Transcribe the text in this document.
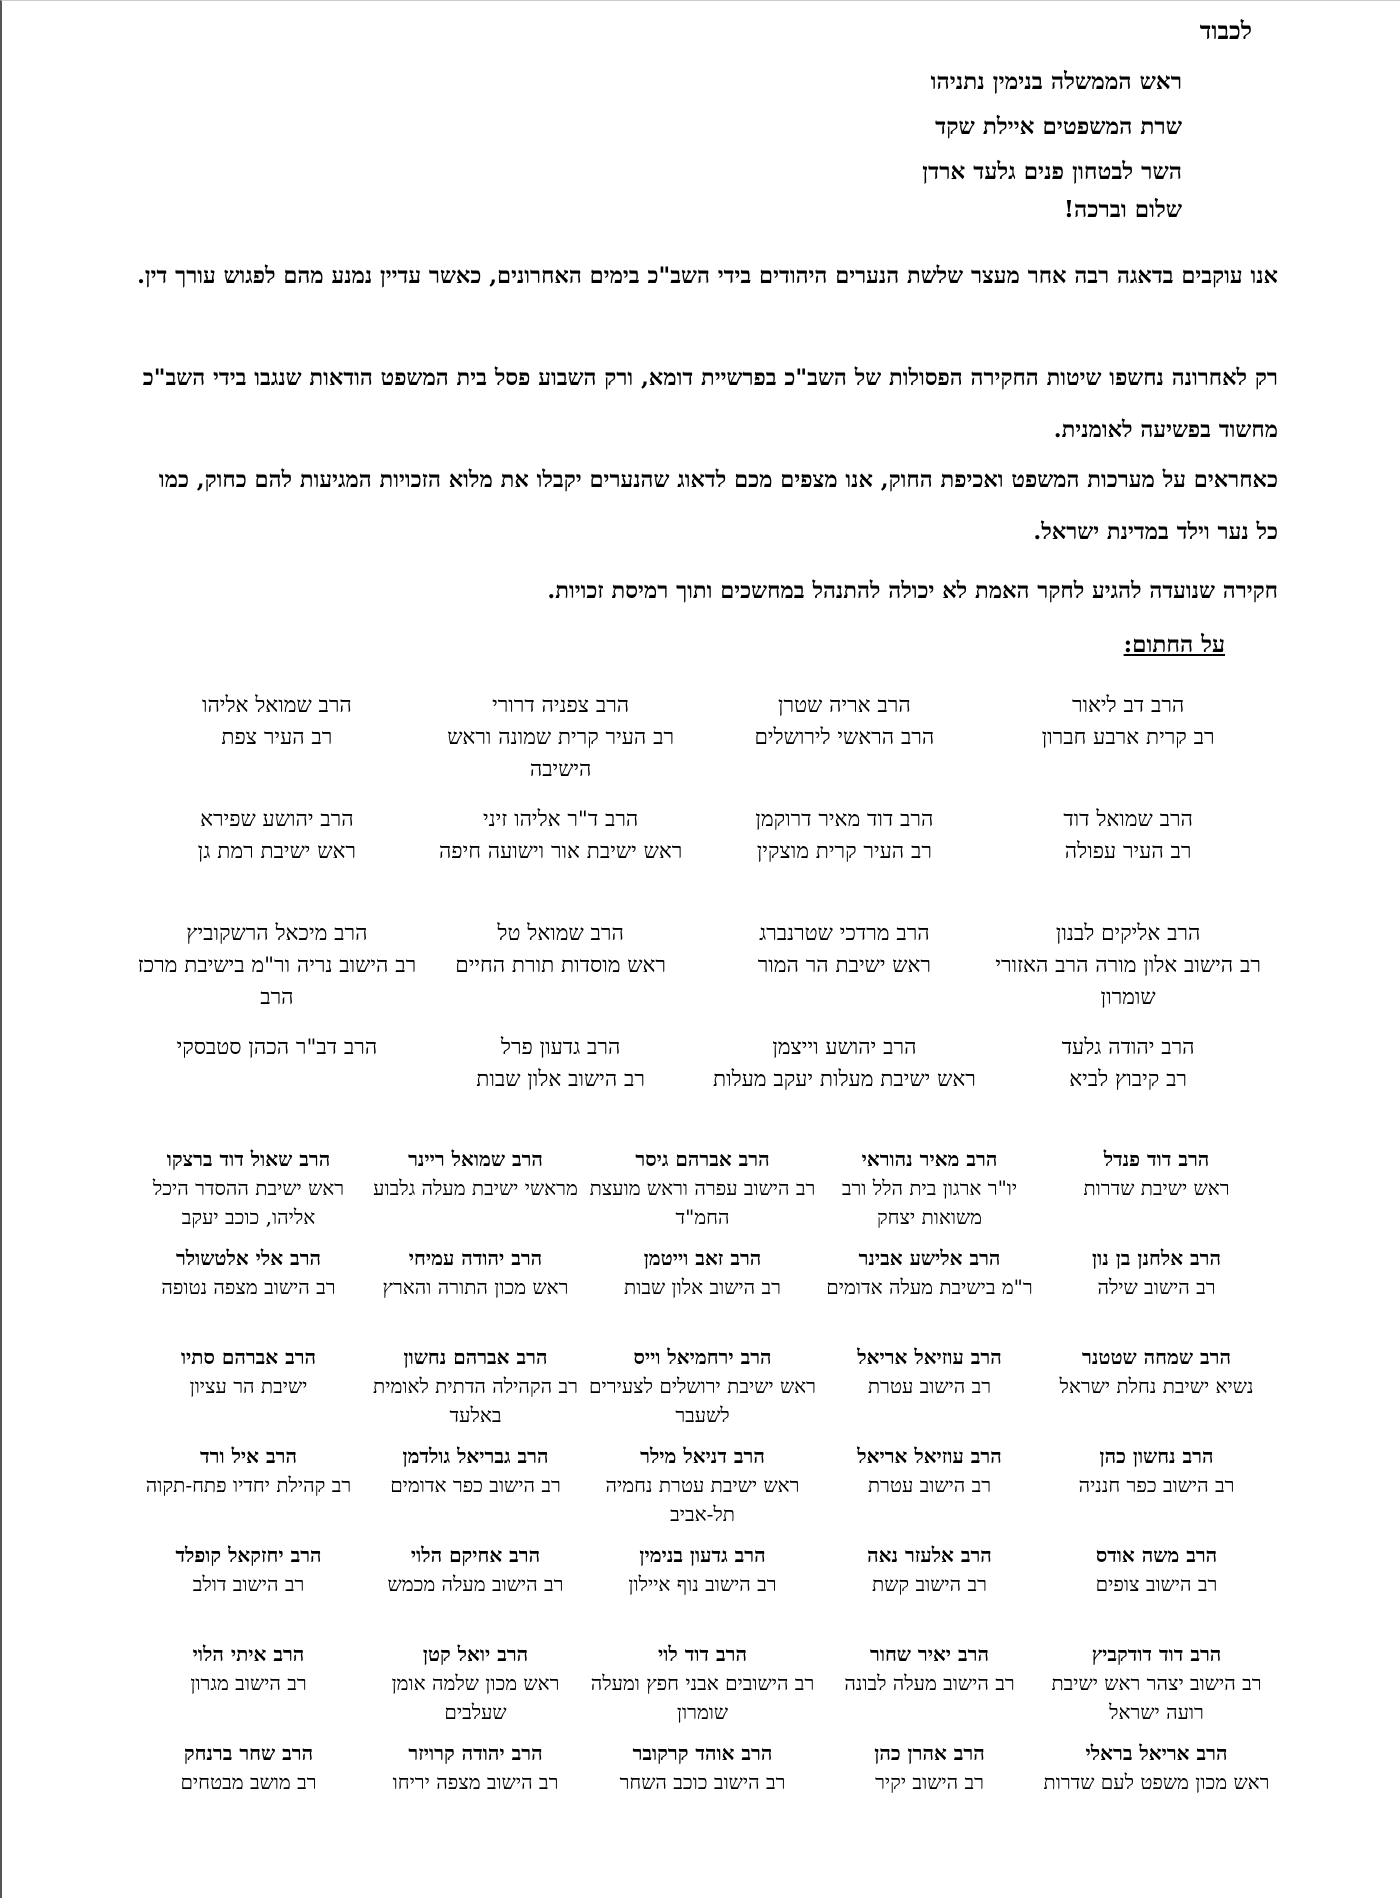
לכבוד
ראש הממשלה בנימין נתניהו
שרת המשפטים איילת שקד
השר לבטחון פנים גלעד ארדן
שלום וברכה!

אנו עוקבים בדאגה רבה אחר מעצר שלשת הנערים היהודים בידי השב"כ בימים האחרונים, כאשר עדיין נמנע מהם לפגוש עורך דין.

רק לאחרונה נחשפו שיטות החקירה הפסולות של השב"כ בפרשיית דומא, ורק השבוע פסל בית המשפט הודאות שנגבו בידי השב"כ מחשוד בפשיעה לאומנית.

כאחראים על מערכות המשפט ואכיפת החוק, אנו מצפים מכם לדאוג שהנערים יקבלו את מלוא הזכויות המגיעות להם כחוק, כמו כל נער וילד במדינת ישראל.

חקירה שנועדה להגיע לחקר האמת לא יכולה להתנהל במחשכים ותוך רמיסת זכויות.

על החתום:
הרב דב ליאור
רב קרית ארבע חברון
הרב אריה שטרן
הרב הראשי לירושלים
הרב צפניה דרורי
רב העיר קרית שמונה וראש הישיבה
הרב שמואל אליהו
רב העיר צפת
הרב שמואל דוד
רב העיר עפולה
הרב דוד מאיר דרוקמן
רב העיר קרית מוצקין
הרב ד"ר אליהו זיני
ראש ישיבת אור וישועה חיפה
הרב יהושע שפירא
ראש ישיבת רמת גן
הרב אליקים לבנון
רב הישוב אלון מורה הרב האזורי שומרון
הרב מרדכי שטרנברג
ראש ישיבת הר המור
הרב שמואל טל
ראש מוסדות תורת החיים
הרב מיכאל הרשקוביץ
רב הישוב נריה ור"מ בישיבת מרכז הרב
הרב יהודה גלעד
רב קיבוץ לביא
הרב יהושע וייצמן
ראש ישיבת מעלות יעקב מעלות
הרב גדעון פרל
רב הישוב אלון שבות
הרב דב"ר הכהן סטבסקי
הרב דוד פנדל
ראש ישיבת שדרות
הרב מאיר נהוראי
יו"ר ארגון בית הלל ורב משואות יצחק
הרב אברהם גיסר
רב הישוב עפרה וראש מועצת החמ"ד
הרב שמואל ריינר
מראשי ישיבת מעלה גלבוע
הרב שאול דוד ברצקו
ראש ישיבת ההסדר היכל אליהו, כוכב יעקב
הרב אלחנן בן נון
רב הישוב שילה
הרב אלישע אבינר
ר"מ בישיבת מעלה אדומים
הרב זאב וייטמן
רב הישוב אלון שבות
הרב יהודה עמיחי
ראש מכון התורה והארץ
הרב אלי אלטשולר
רב הישוב מצפה נטופה
הרב שמחה שטטנר
נשיא ישיבת נחלת ישראל
הרב עוזיאל אריאל
רב הישוב עטרת
הרב ירחמיאל וייס
ראש ישיבת ירושלים לצעירים לשעבר
הרב אברהם נחשון
רב הקהילה הדתית לאומית באלעד
הרב אברהם סתיו
ישיבת הר עציון
הרב נחשון כהן
רב הישוב כפר חנניה
הרב עוזיאל אריאל
רב הישוב עטרת
הרב דניאל מילר
ראש ישיבת עטרת נחמיה תל-אביב
הרב גבריאל גולדמן
רב הישוב כפר אדומים
הרב איל ורד
רב קהילת יחדיו פתח-תקוה
הרב משה אודס
רב הישוב צופים
הרב אלעזר נאה
רב הישוב קשת
הרב גדעון בנימין
רב הישוב נוף איילון
הרב אחיקם הלוי
רב הישוב מעלה מכמש
הרב יחזקאל קופלד
רב הישוב דולב
הרב דוד דודקביץ
רב הישוב יצהר ראש ישיבת רועה ישראל
הרב יאיר שחור
רב הישוב מעלה לבונה
הרב דוד לוי
רב הישובים אבני חפץ ומעלה שומרון
הרב יואל קטן
ראש מכון שלמה אומן שעלבים
הרב איתי הלוי
רב הישוב מגרון
הרב אריאל בראלי
ראש מכון משפט לעם שדרות
הרב אהרן כהן
רב הישוב יקיר
הרב אוהד קרקובר
רב הישוב כוכב השחר
הרב יהודה קרויזר
רב הישוב מצפה יריחו
הרב שחר ברנחק
רב מושב מבטחים
